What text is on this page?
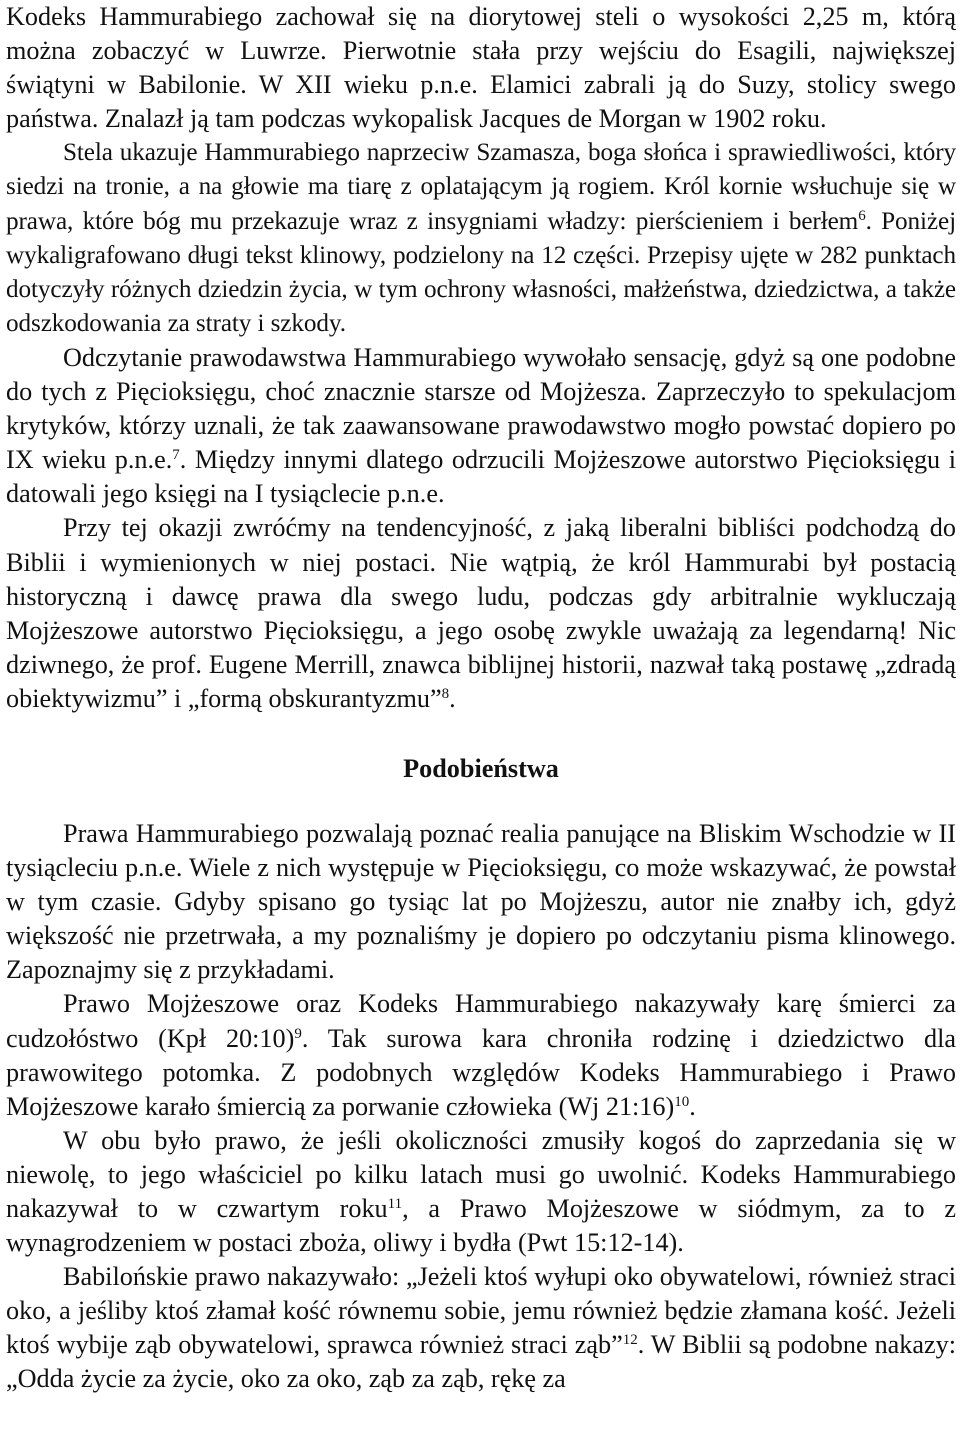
Kodeks Hammurabiego zachował się na diorytowej steli o wysokości 2,25 m, którą można zobaczyć w Luwrze. Pierwotnie stała przy wejściu do Esagili, największej świątyni w Babilonie. W XII wieku p.n.e. Elamici zabrali ją do Suzy, stolicy swego państwa. Znalazł ją tam podczas wykopalisk Jacques de Morgan w 1902 roku.

Stela ukazuje Hammurabiego naprzeciw Szamasza, boga słońca i sprawiedliwości, który siedzi na tronie, a na głowie ma tiarę z oplatającym ją rogiem. Król kornie wsłuchuje się w prawa, które bóg mu przekazuje wraz z insygniami władzy: pierścieniem i berłem$^6$. Poniżej wykaligrafowano długi tekst klinowy, podzielony na 12 części. Przepisy ujęte w 282 punktach dotyczyły różnych dziedzin życia, w tym ochrony własności, małżeństwa, dziedzictwa, a także odszkodowania za straty i szkody.

Odczytanie prawodawstwa Hammurabiego wywołało sensację, gdyż są one podobne do tych z Pięcioksięgu, choć znacznie starsze od Mojżesza. Zaprzeczyło to spekulacjom krytyków, którzy uznali, że tak zaawansowane prawodawstwo mogło powstać dopiero po IX wieku p.n.e.$^7$. Między innymi dlatego odrzucili Mojżeszowe autorstwo Pięcioksięgu i datowali jego księgi na I tysiąclecie p.n.e.

Przy tej okazji zwróćmy na tendencyjność, z jaką liberalni bibliści podchodzą do Biblii i wymienionych w niej postaci. Nie wątpią, że król Hammurabi był postacią historyczną i dawcę prawa dla swego ludu, podczas gdy arbitralnie wykluczają Mojżeszowe autorstwo Pięcioksięgu, a jego osobę zwykle uważają za legendarną! Nic dziwnego, że prof. Eugene Merrill, znawca biblijnej historii, nazwał taką postawę „zdradą obiektywizmu” i „formą obskurantyzmu”$^8$.

Podobieństwa

Prawa Hammurabiego pozwalają poznać realia panujące na Bliskim Wschodzie w II tysiącleciu p.n.e. Wiele z nich występuje w Pięcioksięgu, co może wskazywać, że powstał w tym czasie. Gdyby spisano go tysiąc lat po Mojżeszu, autor nie znałby ich, gdyż większość nie przetrwała, a my poznaliśmy je dopiero po odczytaniu pisma klinowego. Zapoznajmy się z przykładami.

Prawo Mojżeszowe oraz Kodeks Hammurabiego nakazywały karę śmierci za cudzołóstwo (Kpł 20:10)$^9$. Tak surowa kara chroniła rodzinę i dziedzictwo dla prawowitego potomka. Z podobnych względów Kodeks Hammurabiego i Prawo Mojżeszowe karało śmiercią za porwanie człowieka (Wj 21:16)$^{10}$.

W obu było prawo, że jeśli okoliczności zmusiły kogoś do zaprzedania się w niewolę, to jego właściciel po kilku latach musi go uwolnić. Kodeks Hammurabiego nakazywał to w czwartym roku$^{11}$, a Prawo Mojżeszowe w siódmym, za to z wynagrodzeniem w postaci zboża, oliwy i bydła (Pwt 15:12-14).

Babilońskie prawo nakazywało: „Jeżeli ktoś wyłupi oko obywatelowi, również straci oko, a jeśliby ktoś złamał kość równemu sobie, jemu również będzie złamana kość. Jeżeli ktoś wybije ząb obywatelowi, sprawca również straci ząb”$^{12}$. W Biblii są podobne nakazy: „Odda życie za życie, oko za oko, ząb za ząb, rękę za
